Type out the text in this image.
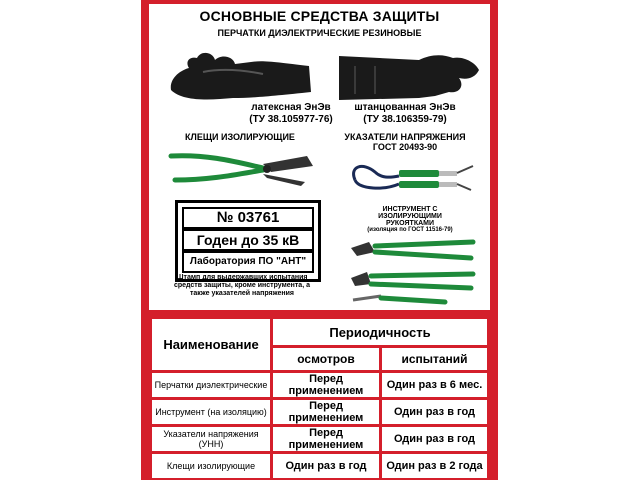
ОСНОВНЫЕ СРЕДСТВА ЗАЩИТЫ
ПЕРЧАТКИ ДИЭЛЕКТРИЧЕСКИЕ РЕЗИНОВЫЕ
латексная ЭнЭв
(ТУ 38.105977-76)
штанцованная ЭнЭв
(ТУ 38.106359-79)
КЛЕЩИ ИЗОЛИРУЮЩИЕ	УКАЗАТЕЛИ НАПРЯЖЕНИЯ
ГОСТ 20493-90
№ 03761
Годен до 35 кВ
Лаборатория ПО "АНТ"
Штамп для выдержавших испытания средств защиты, кроме инструмента, а также указателей напряжения
ИНСТРУМЕНТ С
ИЗОЛИРУЮЩИМИ
РУКОЯТКАМИ
(изоляция по ГОСТ 11516-79)
Наименование	Периодичность	
	осмотров	испытаний
Перчатки диэлектрические	Перед применением	Один раз в 6 мес.
Инструмент (на изоляцию)	Перед применением	Один раз в год
Указатели напряжения (УНН)	Перед применением	Один раз в год
Клещи изолирующие	Один раз в год	Один раз в 2 года
